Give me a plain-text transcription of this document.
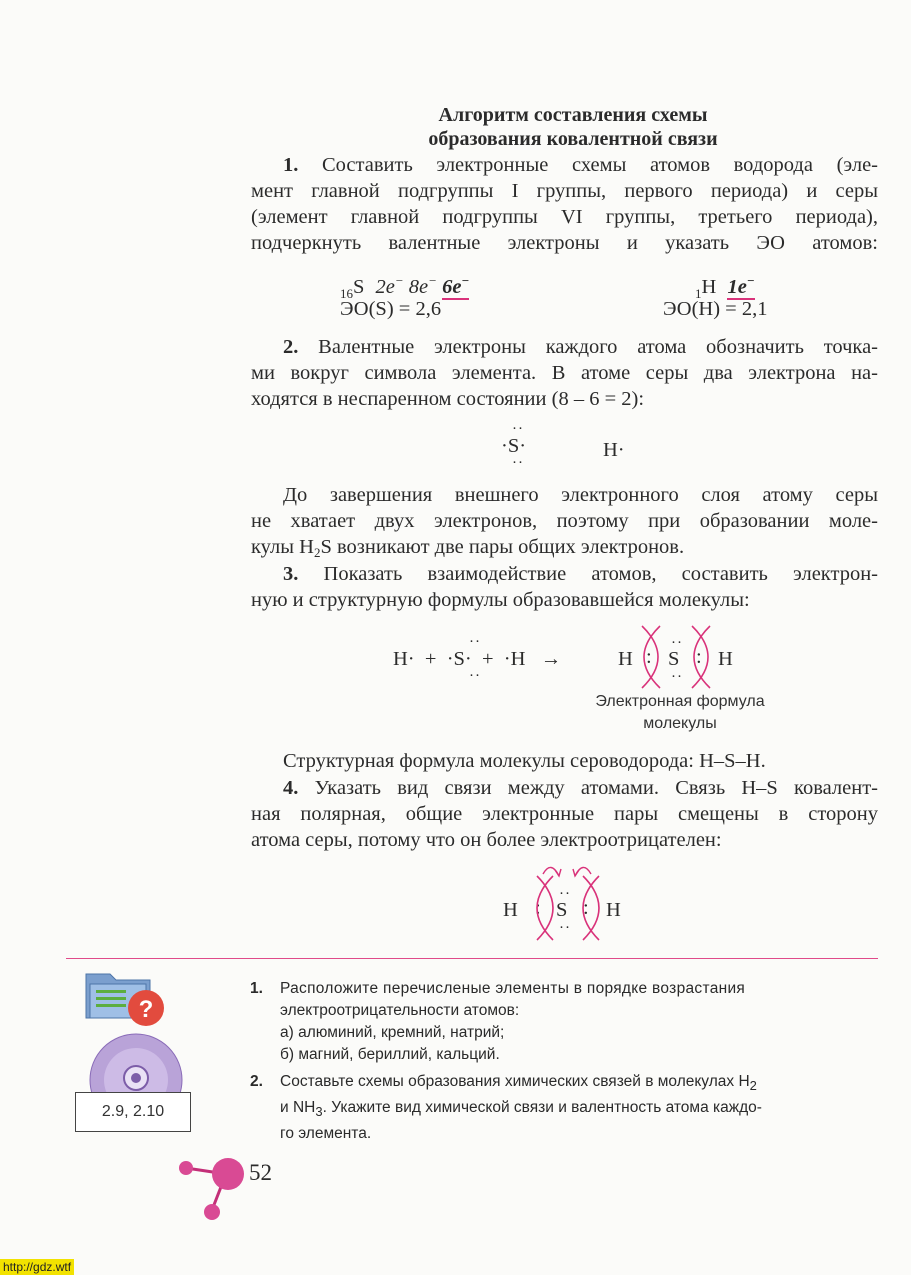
Алгоритм составления схемы
образования ковалентной связи
1. Составить электронные схемы атомов водорода (эле-
мент главной подгруппы I группы, первого периода) и серы
(элемент главной подгруппы VI группы, третьего периода),
подчеркнуть валентные электроны и указать ЭО атомов:
$_{16}$S 2e− 8e− 6e−
ЭО(S) = 2,6
$_1$H 1e−
ЭО(H) = 2,1
2. Валентные электроны каждого атома обозначить точка-
ми вокруг символа элемента. В атоме серы два электрона на-
ходятся в неспаренном состоянии (8 – 6 = 2):
·S·
··
··
H·
До завершения внешнего электронного слоя атому серы
не хватает двух электронов, поэтому при образовании моле-
кулы $H_2S$ возникают две пары общих электронов.
3. Показать взаимодействие атомов, составить электрон-
ную и структурную формулы образовавшейся молекулы:
H·  +  ·S·  +  ·H   →
··
··
H : S : H
··
··
Электронная формула
молекулы
Структурная формула молекулы сероводорода: H–S–H.
4. Указать вид связи между атомами. Связь H–S ковалент-
ная полярная, общие электронные пары смещены в сторону
атома серы, потому что он более электроотрицателен:
H : S : H
··
··
?
2.9, 2.10
1. Расположите перечисленые элементы в порядке возрастания
электроотрицательности атомов:
а) алюминий, кремний, натрий;
б) магний, бериллий, кальций.
2. Составьте схемы образования химических связей в молекулах $H_2$
и $NH_3$. Укажите вид химической связи и валентность атома каждо-
го элемента.
52
http://gdz.wtf
